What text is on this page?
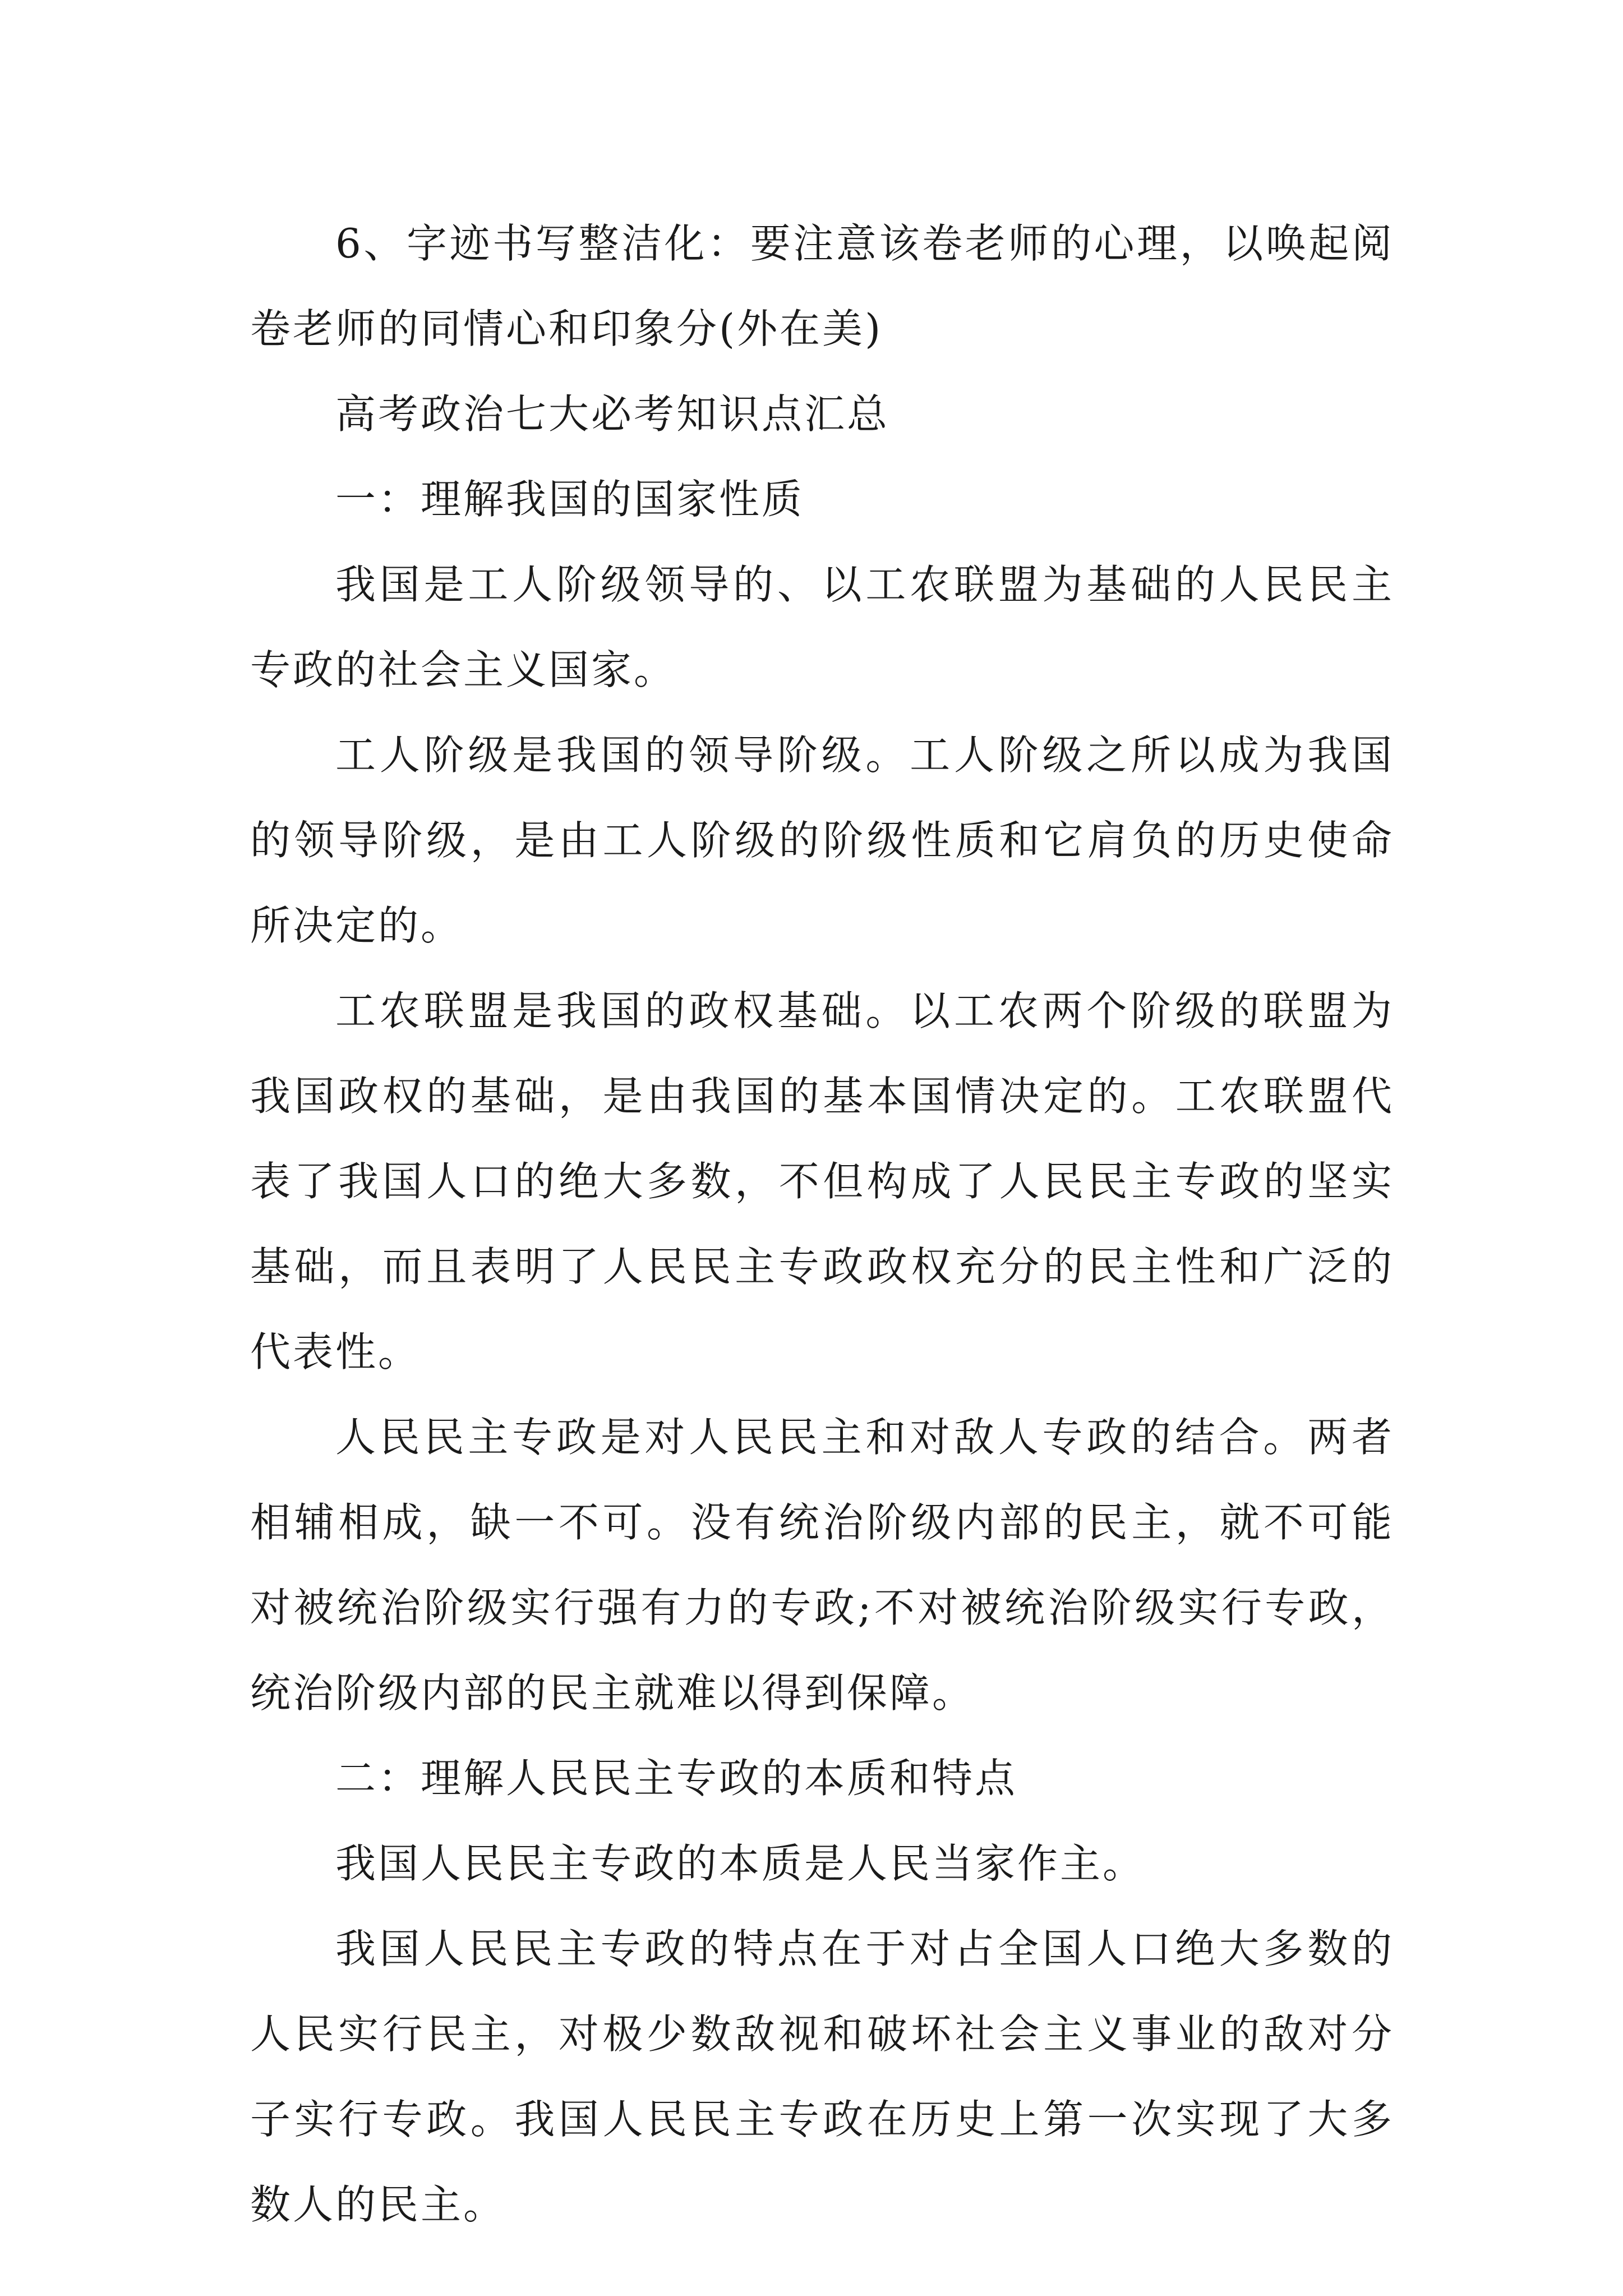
6、字迹书写整洁化：要注意该卷老师的心理，以唤起阅卷老师的同情心和印象分(外在美)

高考政治七大必考知识点汇总

一：理解我国的国家性质

我国是工人阶级领导的、以工农联盟为基础的人民民主专政的社会主义国家。

工人阶级是我国的领导阶级。工人阶级之所以成为我国的领导阶级，是由工人阶级的阶级性质和它肩负的历史使命所决定的。

工农联盟是我国的政权基础。以工农两个阶级的联盟为我国政权的基础，是由我国的基本国情决定的。工农联盟代表了我国人口的绝大多数，不但构成了人民民主专政的坚实基础，而且表明了人民民主专政政权充分的民主性和广泛的代表性。

人民民主专政是对人民民主和对敌人专政的结合。两者相辅相成，缺一不可。没有统治阶级内部的民主，就不可能对被统治阶级实行强有力的专政;不对被统治阶级实行专政，统治阶级内部的民主就难以得到保障。

二：理解人民民主专政的本质和特点

我国人民民主专政的本质是人民当家作主。

我国人民民主专政的特点在于对占全国人口绝大多数的人民实行民主，对极少数敌视和破坏社会主义事业的敌对分子实行专政。我国人民民主专政在历史上第一次实现了大多数人的民主。
